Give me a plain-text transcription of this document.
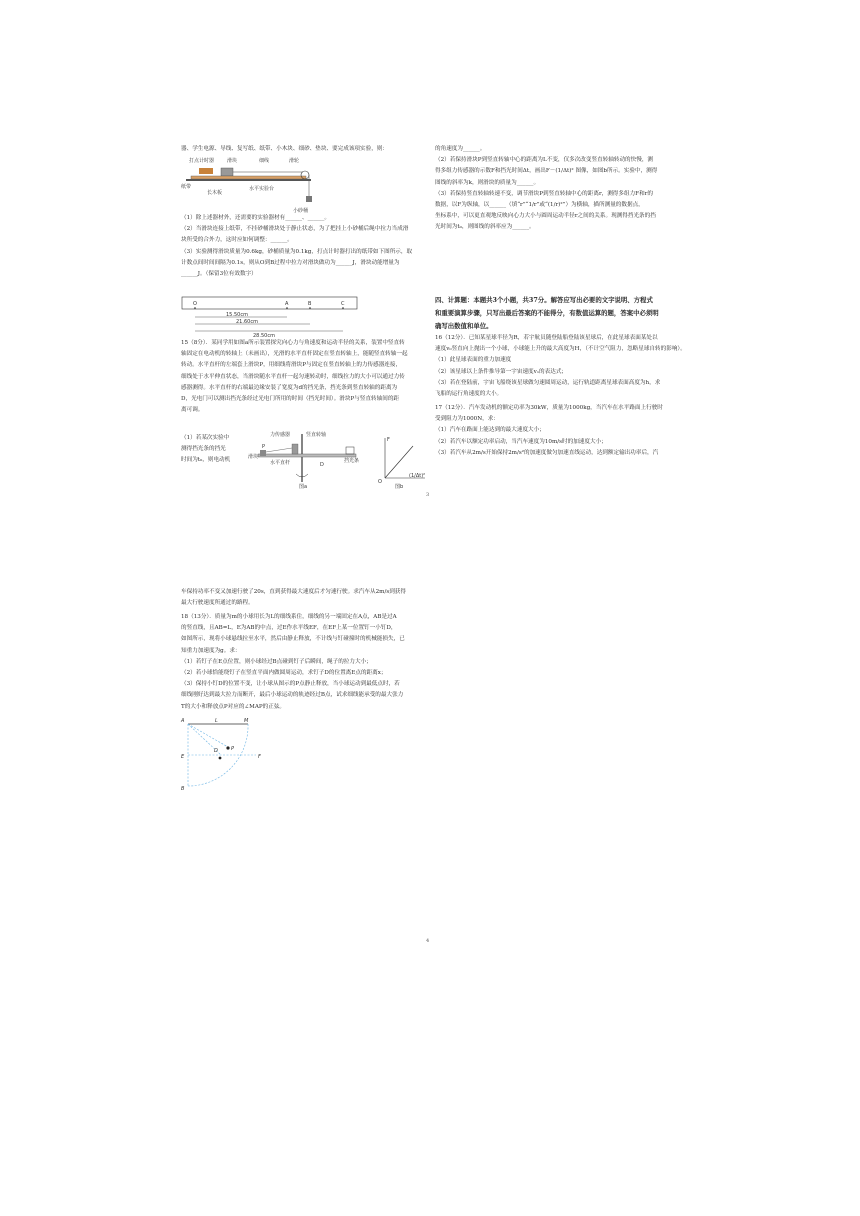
器、学生电源、导线、复写纸、纸带、小木块、细砂、垫块、要完成该项实验，则：

打点计时器	滑块	细线	滑轮
纸带
长木板
水平实验台
小砂桶

（1）除上述器材外，还需要的实验器材有______、______。

（2）当滑块连接上纸带，不挂砂桶滑块处于静止状态，为了把挂上小砂桶后绳中拉力当成滑

块所受的合外力，这时应如何调整：______。

（3）实验测得滑块质量为0.6kg，砂桶质量为0.1kg，打点计时器打出的纸带如下图所示，取

计数点间时间间隔为0.1s，则从O到B过程中拉力对滑块做功为______J，滑块动能增量为

______J。（保留3位有效数字）

O	A	B	C
15.50cm
21.60cm
28.50cm

15（8分）．某同学用如图a所示装置探究向心力与角速度和运动半径的关系，装置中竖直转

轴固定在电动机的转轴上（未画出），光滑的水平直杆固定在竖直转轴上，能随竖直转轴一起

转动。水平直杆的左端套上滑块P，用细线将滑块P与固定在竖直转轴上的力传感器连接，

细线处于水平伸直状态，当滑块随水平直杆一起匀速转动时，细线拉力的大小可以通过力传

感器测得。水平直杆的右端最边缘安装了宽度为d的挡光条，挡光条到竖直转轴的距离为

D，光电门可以测出挡光条经过光电门所用的时间（挡光时间）。滑块P与竖直转轴间的距

离可调。

（1）若某次实验中

测得挡光条的挡光

时间为t₀，则电动机

力传感器	竖直转轴
滑块
P
水平直杆	D
挡光条
图a
F
O
(1/Δt)²
图b

的角速度为______。

（2）若保持滑块P到竖直转轴中心的距离为L不变，仅多次改变竖直转轴转动的快慢，测

得多组力传感器的示数F和挡光时间Δt，画出F－(1/Δt)² 图像，如图b所示。实验中，测得

图线的斜率为k，则滑块的质量为______。

（3）若保持竖直转轴转速不变，调节滑块P到竖直转轴中心的距离r，测得多组力F和r的

数据，以F为纵轴，以______（填“r”“1/r”或“(1/r)²”）为横轴，描所测量的数据点，

坐标系中，可以更直观地反映向心力大小与圆周运动半径r之间的关系。现测得挡光条的挡

光时间为t₀，则图线的斜率应为______。

四、计算题：本题共3个小题，共37分。解答应写出必要的文字说明、方程式

和重要演算步骤，只写出最后答案的不能得分，有数值运算的题，答案中必须明

确写出数值和单位。

16（12分）．已知某星球半径为R，若宇航员随登陆船登陆该星球后，在此星球表面某处以

速度v₀竖直向上抛出一个小球，小球能上升的最大高度为H，（不计空气阻力，忽略星球自转的影响）。

（1）此星球表面的重力加速度

（2）该星球以上条件推导第一宇宙速度v₁的表达式；

（3）若在登陆前，宇宙飞船绕该星球做匀速圆周运动，运行轨道距离星球表面高度为h，求

飞船的运行角速度的大小。

17（12分）．汽车发动机的额定功率为30kW，质量为1000kg，当汽车在水平路面上行驶时

受到阻力为1000N，求：

（1）汽车在路面上能达到的最大速度大小；

（2）若汽车以额定功率启动，当汽车速度为10m/s时的加速度大小；

（3）若汽车从2m/s开始保持2m/s²的加速度做匀加速直线运动，达到额定输出功率后，汽

3

车保持功率不变又加速行驶了20s，直到获得最大速度后才匀速行驶。求汽车从2m/s到获得

最大行驶速度所通过的路程。

18（13分）．质量为m的小球用长为L的细线系住，细线的另一端固定在A点，AB是过A

的竖直线，且AB=L，E为AB的中点，过E作水平线EF，在EF上某一位置钉一小钉D，

如图所示，现将小球悬线拉至水平，然后由静止释放，不计线与钉碰撞时的机械能损失，已

知重力加速度为g。求：

（1）若钉子在E点位置，则小球经过B点碰到钉子后瞬间，绳子的拉力大小；

（2）若小球恰能绕钉子在竖直平面内做圆周运动，求钉子D的位置离E点的距离x；

（3）保持小钉D的位置不变，让小球从图示的P点静止释放，当小球运动到最低点时，若

细线刚好达到最大拉力而断开，最后小球运动的轨迹经过B点，试求细线能承受的最大张力

T的大小和释放点P对应的∠MAP的正弦。

A	L	M
P
D
E	F
B
4
